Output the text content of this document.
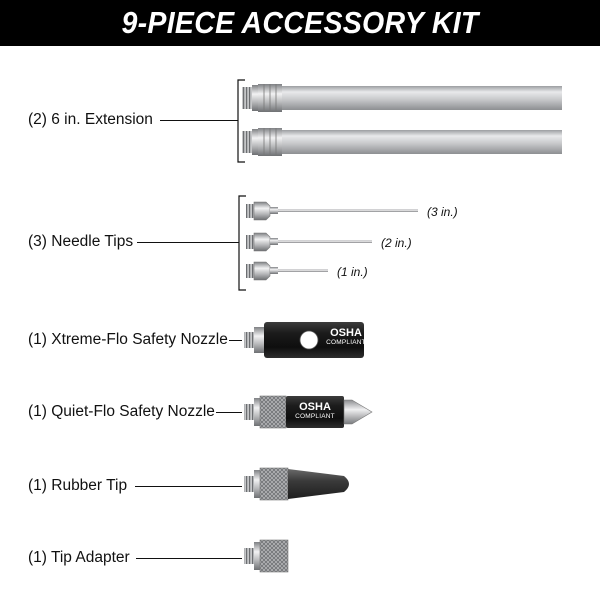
9-PIECE ACCESSORY KIT
OSHA
COMPLIANT
OSHA
COMPLIANT
(2) 6 in. Extension
(3) Needle Tips
(3 in.)
(2 in.)
(1 in.)
(1) Xtreme-Flo Safety Nozzle
(1) Quiet-Flo Safety Nozzle
(1) Rubber Tip
(1) Tip Adapter
